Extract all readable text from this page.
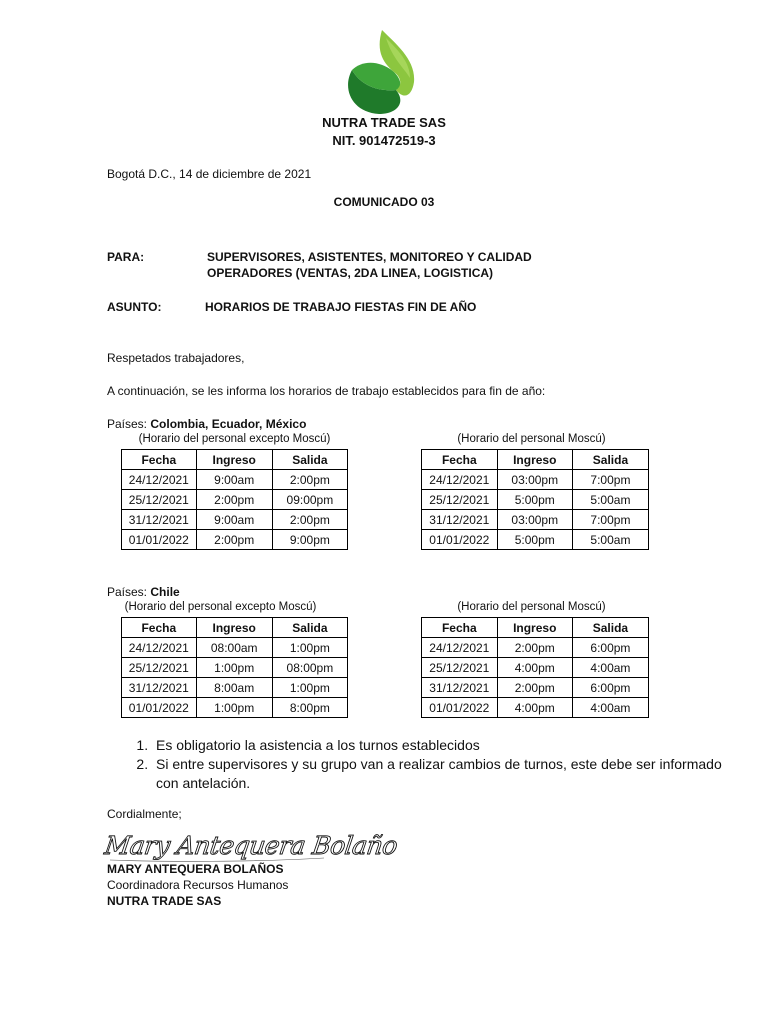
NUTRA TRADE SAS
NIT. 901472519-3
Bogotá D.C., 14 de diciembre de 2021
COMUNICADO 03
PARA:	SUPERVISORES, ASISTENTES, MONITOREO Y CALIDAD
OPERADORES (VENTAS, 2DA LINEA, LOGISTICA)
ASUNTO:	HORARIOS DE TRABAJO FIESTAS FIN DE AÑO
Respetados trabajadores,
A continuación, se les informa los horarios de trabajo establecidos para fin de año:
Países: Colombia, Ecuador, México
(Horario del personal excepto Moscú)	(Horario del personal Moscú)
Fecha	Ingreso	Salida
24/12/2021	9:00am	2:00pm
25/12/2021	2:00pm	09:00pm
31/12/2021	9:00am	2:00pm
01/01/2022	2:00pm	9:00pm
Fecha	Ingreso	Salida
24/12/2021	03:00pm	7:00pm
25/12/2021	5:00pm	5:00am
31/12/2021	03:00pm	7:00pm
01/01/2022	5:00pm	5:00am
Países: Chile
(Horario del personal excepto Moscú)	(Horario del personal Moscú)
Fecha	Ingreso	Salida
24/12/2021	08:00am	1:00pm
25/12/2021	1:00pm	08:00pm
31/12/2021	8:00am	1:00pm
01/01/2022	1:00pm	8:00pm
Fecha	Ingreso	Salida
24/12/2021	2:00pm	6:00pm
25/12/2021	4:00pm	4:00am
31/12/2021	2:00pm	6:00pm
01/01/2022	4:00pm	4:00am
1. Es obligatorio la asistencia a los turnos establecidos
2. Si entre supervisores y su grupo van a realizar cambios de turnos, este debe ser informado con antelación.
Cordialmente;
Mary Antequera Bolaño
MARY ANTEQUERA BOLAÑOS
Coordinadora Recursos Humanos
NUTRA TRADE SAS
